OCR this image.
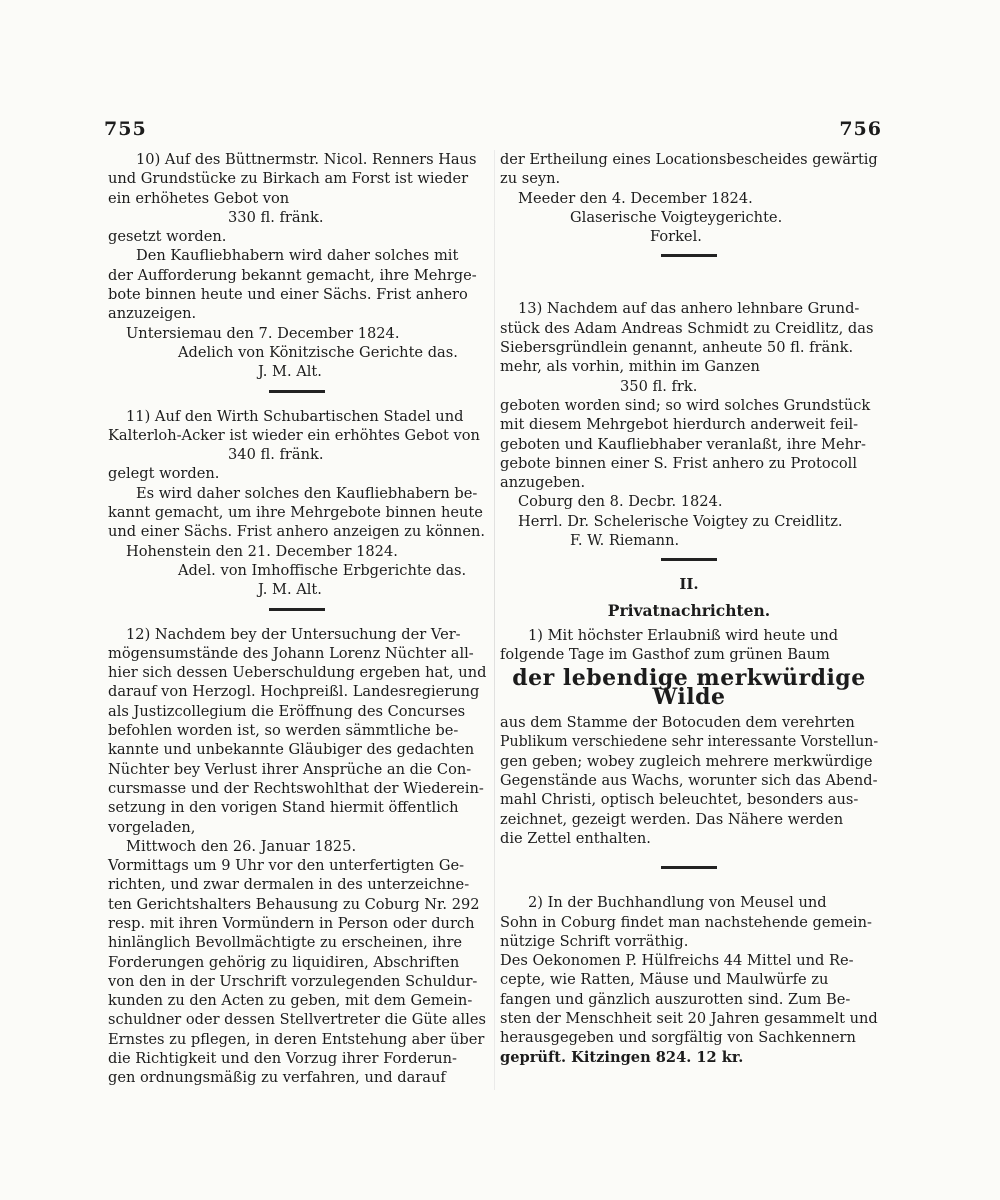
755	756

10) Auf des Büttnermstr. Nicol. Renners Haus

und Grundstücke zu Birkach am Forst ist wieder

ein erhöhetes Gebot von

330 fl. fränk.

gesetzt worden.

Den Kaufliebhabern wird daher solches mit

der Aufforderung bekannt gemacht, ihre Mehrge-

bote binnen heute und einer Sächs. Frist anhero

anzuzeigen.

Untersiemau den 7. December 1824.

Adelich von Könitzische Gerichte das.

J. M. Alt.

11) Auf den Wirth Schubartischen Stadel und

Kalterloh-Acker ist wieder ein erhöhtes Gebot von

340 fl. fränk.

gelegt worden.

Es wird daher solches den Kaufliebhabern be-

kannt gemacht, um ihre Mehrgebote binnen heute

und einer Sächs. Frist anhero anzeigen zu können.

Hohenstein den 21. December 1824.

Adel. von Imhoffische Erbgerichte das.

J. M. Alt.

12) Nachdem bey der Untersuchung der Ver-

mögensumstände des Johann Lorenz Nüchter all-

hier sich dessen Ueberschuldung ergeben hat, und

darauf von Herzogl. Hochpreißl. Landesregierung

als Justizcollegium die Eröffnung des Concurses

befohlen worden ist, so werden sämmtliche be-

kannte und unbekannte Gläubiger des gedachten

Nüchter bey Verlust ihrer Ansprüche an die Con-

cursmasse und der Rechtswohlthat der Wiederein-

setzung in den vorigen Stand hiermit öffentlich

vorgeladen,

Mittwoch den 26. Januar 1825.

Vormittags um 9 Uhr vor den unterfertigten Ge-

richten, und zwar dermalen in des unterzeichne-

ten Gerichtshalters Behausung zu Coburg Nr. 292

resp. mit ihren Vormündern in Person oder durch

hinlänglich Bevollmächtigte zu erscheinen, ihre

Forderungen gehörig zu liquidiren, Abschriften

von den in der Urschrift vorzulegenden Schuldur-

kunden zu den Acten zu geben, mit dem Gemein-

schuldner oder dessen Stellvertreter die Güte alles

Ernstes zu pflegen, in deren Entstehung aber über

die Richtigkeit und den Vorzug ihrer Forderun-

gen ordnungsmäßig zu verfahren, und darauf

der Ertheilung eines Locationsbescheides gewärtig

zu seyn.

Meeder den 4. December 1824.

Glaserische Voigteygerichte.

Forkel.

13) Nachdem auf das anhero lehnbare Grund-

stück des Adam Andreas Schmidt zu Creidlitz, das

Siebersgründlein genannt, anheute 50 fl. fränk.

mehr, als vorhin, mithin im Ganzen

350 fl. frk.

geboten worden sind; so wird solches Grundstück

mit diesem Mehrgebot hierdurch anderweit feil-

geboten und Kaufliebhaber veranlaßt, ihre Mehr-

gebote binnen einer S. Frist anhero zu Protocoll

anzugeben.

Coburg den 8. Decbr. 1824.

Herrl. Dr. Schelerische Voigtey zu Creidlitz.

F. W. Riemann.

II.
Privatnachrichten.

1) Mit höchster Erlaubniß wird heute und

folgende Tage im Gasthof zum grünen Baum

der lebendige merkwürdige Wilde

aus dem Stamme der Botocuden dem verehrten

Publikum verschiedene sehr interessante Vorstellun-

gen geben; wobey zugleich mehrere merkwürdige

Gegenstände aus Wachs, worunter sich das Abend-

mahl Christi, optisch beleuchtet, besonders aus-

zeichnet, gezeigt werden. Das Nähere werden

die Zettel enthalten.

2) In der Buchhandlung von Meusel und

Sohn in Coburg findet man nachstehende gemein-

nützige Schrift vorräthig.

Des Oekonomen P. Hülfreichs 44 Mittel und Re-

cepte, wie Ratten, Mäuse und Maulwürfe zu

fangen und gänzlich auszurotten sind. Zum Be-

sten der Menschheit seit 20 Jahren gesammelt und

herausgegeben und sorgfältig von Sachkennern

geprüft. Kitzingen 824. 12 kr.
